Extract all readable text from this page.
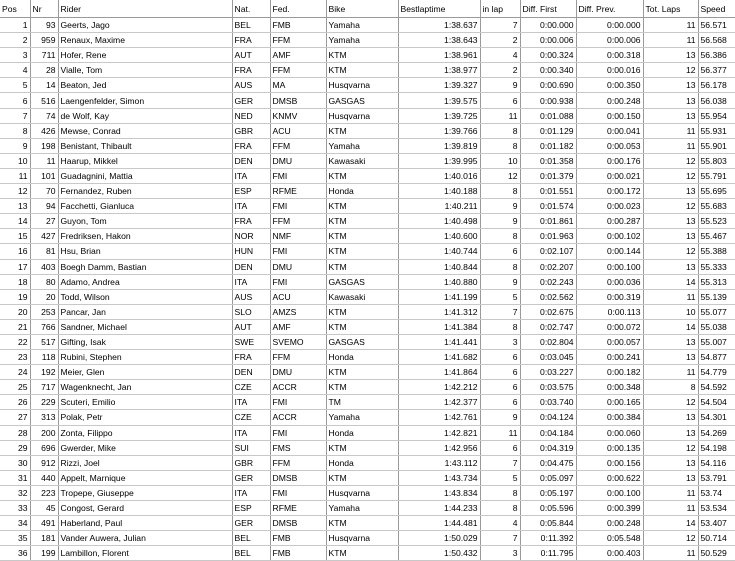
Pos	Nr	Rider	Nat.	Fed.	Bike	Bestlaptime	in lap	Diff. First	Diff. Prev.	Tot. Laps	Speed
1	93	Geerts, Jago	BEL	FMB	Yamaha	1:38.637	7	0:00.000	0:00.000	11	56.571
2	959	Renaux, Maxime	FRA	FFM	Yamaha	1:38.643	2	0:00.006	0:00.006	11	56.568
3	711	Hofer, Rene	AUT	AMF	KTM	1:38.961	4	0:00.324	0:00.318	13	56.386
4	28	Vialle, Tom	FRA	FFM	KTM	1:38.977	2	0:00.340	0:00.016	12	56.377
5	14	Beaton, Jed	AUS	MA	Husqvarna	1:39.327	9	0:00.690	0:00.350	13	56.178
6	516	Laengenfelder, Simon	GER	DMSB	GASGAS	1:39.575	6	0:00.938	0:00.248	13	56.038
7	74	de Wolf, Kay	NED	KNMV	Husqvarna	1:39.725	11	0:01.088	0:00.150	13	55.954
8	426	Mewse, Conrad	GBR	ACU	KTM	1:39.766	8	0:01.129	0:00.041	11	55.931
9	198	Benistant, Thibault	FRA	FFM	Yamaha	1:39.819	8	0:01.182	0:00.053	11	55.901
10	11	Haarup, Mikkel	DEN	DMU	Kawasaki	1:39.995	10	0:01.358	0:00.176	12	55.803
11	101	Guadagnini, Mattia	ITA	FMI	KTM	1:40.016	12	0:01.379	0:00.021	12	55.791
12	70	Fernandez, Ruben	ESP	RFME	Honda	1:40.188	8	0:01.551	0:00.172	13	55.695
13	94	Facchetti, Gianluca	ITA	FMI	KTM	1:40.211	9	0:01.574	0:00.023	12	55.683
14	27	Guyon, Tom	FRA	FFM	KTM	1:40.498	9	0:01.861	0:00.287	13	55.523
15	427	Fredriksen, Hakon	NOR	NMF	KTM	1:40.600	8	0:01.963	0:00.102	13	55.467
16	81	Hsu, Brian	HUN	FMI	KTM	1:40.744	6	0:02.107	0:00.144	12	55.388
17	403	Boegh Damm, Bastian	DEN	DMU	KTM	1:40.844	8	0:02.207	0:00.100	13	55.333
18	80	Adamo, Andrea	ITA	FMI	GASGAS	1:40.880	9	0:02.243	0:00.036	14	55.313
19	20	Todd, Wilson	AUS	ACU	Kawasaki	1:41.199	5	0:02.562	0:00.319	11	55.139
20	253	Pancar, Jan	SLO	AMZS	KTM	1:41.312	7	0:02.675	0:00.113	10	55.077
21	766	Sandner, Michael	AUT	AMF	KTM	1:41.384	8	0:02.747	0:00.072	14	55.038
22	517	Gifting, Isak	SWE	SVEMO	GASGAS	1:41.441	3	0:02.804	0:00.057	13	55.007
23	118	Rubini, Stephen	FRA	FFM	Honda	1:41.682	6	0:03.045	0:00.241	13	54.877
24	192	Meier, Glen	DEN	DMU	KTM	1:41.864	6	0:03.227	0:00.182	11	54.779
25	717	Wagenknecht, Jan	CZE	ACCR	KTM	1:42.212	6	0:03.575	0:00.348	8	54.592
26	229	Scuteri, Emilio	ITA	FMI	TM	1:42.377	6	0:03.740	0:00.165	12	54.504
27	313	Polak, Petr	CZE	ACCR	Yamaha	1:42.761	9	0:04.124	0:00.384	13	54.301
28	200	Zonta, Filippo	ITA	FMI	Honda	1:42.821	11	0:04.184	0:00.060	13	54.269
29	696	Gwerder, Mike	SUI	FMS	KTM	1:42.956	6	0:04.319	0:00.135	12	54.198
30	912	Rizzi, Joel	GBR	FFM	Honda	1:43.112	7	0:04.475	0:00.156	13	54.116
31	440	Appelt, Marnique	GER	DMSB	KTM	1:43.734	5	0:05.097	0:00.622	13	53.791
32	223	Tropepe, Giuseppe	ITA	FMI	Husqvarna	1:43.834	8	0:05.197	0:00.100	11	53.74
33	45	Congost, Gerard	ESP	RFME	Yamaha	1:44.233	8	0:05.596	0:00.399	11	53.534
34	491	Haberland, Paul	GER	DMSB	KTM	1:44.481	4	0:05.844	0:00.248	14	53.407
35	181	Vander Auwera, Julian	BEL	FMB	Husqvarna	1:50.029	7	0:11.392	0:05.548	12	50.714
36	199	Lambillon, Florent	BEL	FMB	KTM	1:50.432	3	0:11.795	0:00.403	11	50.529
